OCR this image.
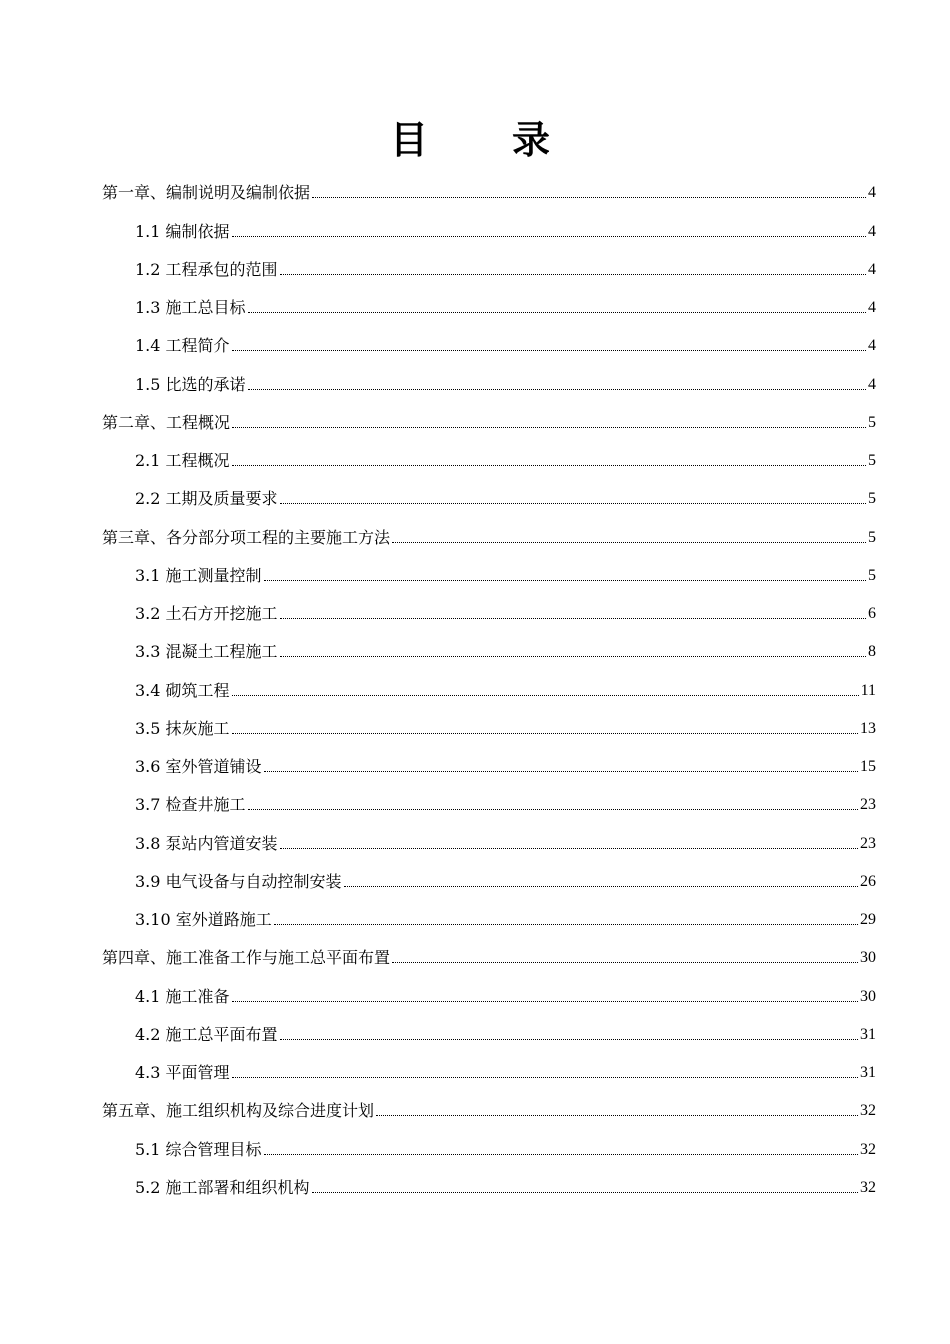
目 录
第一章、编制说明及编制依据	4
1.1 编制依据	4
1.2 工程承包的范围	4
1.3 施工总目标	4
1.4 工程简介	4
1.5 比选的承诺	4
第二章、工程概况	5
2.1 工程概况	5
2.2 工期及质量要求	5
第三章、各分部分项工程的主要施工方法	5
3.1 施工测量控制	5
3.2 土石方开挖施工	6
3.3 混凝土工程施工	8
3.4 砌筑工程	11
3.5 抹灰施工	13
3.6 室外管道铺设	15
3.7 检查井施工	23
3.8 泵站内管道安装	23
3.9 电气设备与自动控制安装	26
3.10 室外道路施工	29
第四章、施工准备工作与施工总平面布置	30
4.1 施工准备	30
4.2 施工总平面布置	31
4.3 平面管理	31
第五章、施工组织机构及综合进度计划	32
5.1 综合管理目标	32
5.2 施工部署和组织机构	32
